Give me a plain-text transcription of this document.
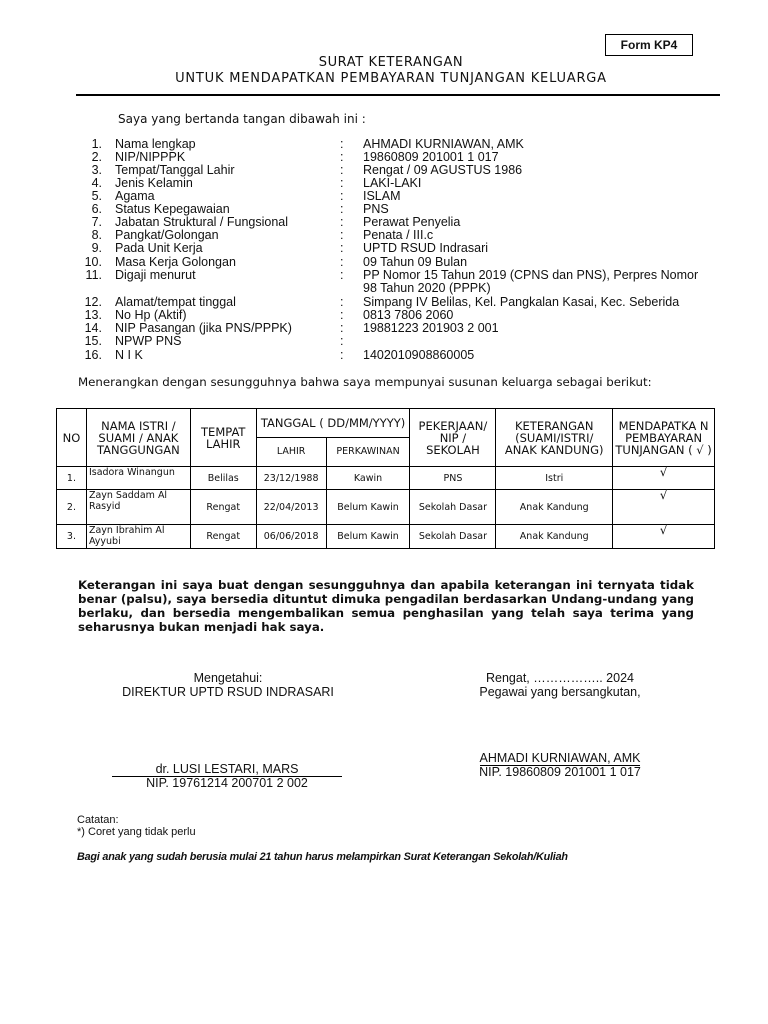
Form KP4
SURAT KETERANGAN
UNTUK MENDAPATKAN PEMBAYARAN TUNJANGAN KELUARGA
Saya yang bertanda tangan dibawah ini :
1. Nama lengkap	: AHMADI KURNIAWAN, AMK
2. NIP/NIPPPK	: 19860809 201001 1 017
3. Tempat/Tanggal Lahir	: Rengat / 09 AGUSTUS 1986
4. Jenis Kelamin	: LAKI-LAKI
5. Agama	: ISLAM
6. Status Kepegawaian	: PNS
7. Jabatan Struktural / Fungsional	: Perawat Penyelia
8. Pangkat/Golongan	: Penata / III.c
9. Pada Unit Kerja	: UPTD RSUD Indrasari
10. Masa Kerja Golongan	: 09 Tahun 09 Bulan
11. Digaji menurut	: PP Nomor 15 Tahun 2019 (CPNS dan PNS), Perpres Nomor 98 Tahun 2020 (PPPK)
12. Alamat/tempat tinggal	: Simpang IV Belilas, Kel. Pangkalan Kasai, Kec. Seberida
13. No Hp (Aktif)	: 0813 7806 2060
14. NIP Pasangan (jika PNS/PPPK)	: 19881223 201903 2 001
15. NPWP PNS	:
16. N I K	: 1402010908860005
Menerangkan dengan sesungguhnya bahwa saya mempunyai susunan keluarga sebagai berikut:
NO	NAMA ISTRI / SUAMI / ANAK TANGGUNGAN	TEMPAT LAHIR	TANGGAL ( DD/MM/YYYY)		PEKERJAAN/ NIP / SEKOLAH	KETERANGAN (SUAMI/ISTRI/ ANAK KANDUNG)	MENDAPATKA N PEMBAYARAN TUNJANGAN ( √ )
			LAHIR	PERKAWINAN			
1.	Isadora Winangun	Belilas	23/12/1988	Kawin	PNS	Istri	√
2.	Zayn Saddam Al Rasyid	Rengat	22/04/2013	Belum Kawin	Sekolah Dasar	Anak Kandung	√
3.	Zayn Ibrahim Al Ayyubi	Rengat	06/06/2018	Belum Kawin	Sekolah Dasar	Anak Kandung	√
Keterangan ini saya buat dengan sesungguhnya dan apabila keterangan ini ternyata tidak benar (palsu), saya bersedia dituntut dimuka pengadilan berdasarkan Undang-undang yang berlaku, dan bersedia mengembalikan semua penghasilan yang telah saya terima yang seharusnya bukan menjadi hak saya.
Mengetahui:
DIREKTUR UPTD RSUD INDRASARI
dr. LUSI LESTARI, MARS
NIP. 19761214 200701 2 002
Rengat, …………….. 2024
Pegawai yang bersangkutan,
AHMADI KURNIAWAN, AMK
NIP. 19860809 201001 1 017
Catatan:
*) Coret yang tidak perlu
Bagi anak yang sudah berusia mulai 21 tahun harus melampirkan Surat Keterangan Sekolah/Kuliah
